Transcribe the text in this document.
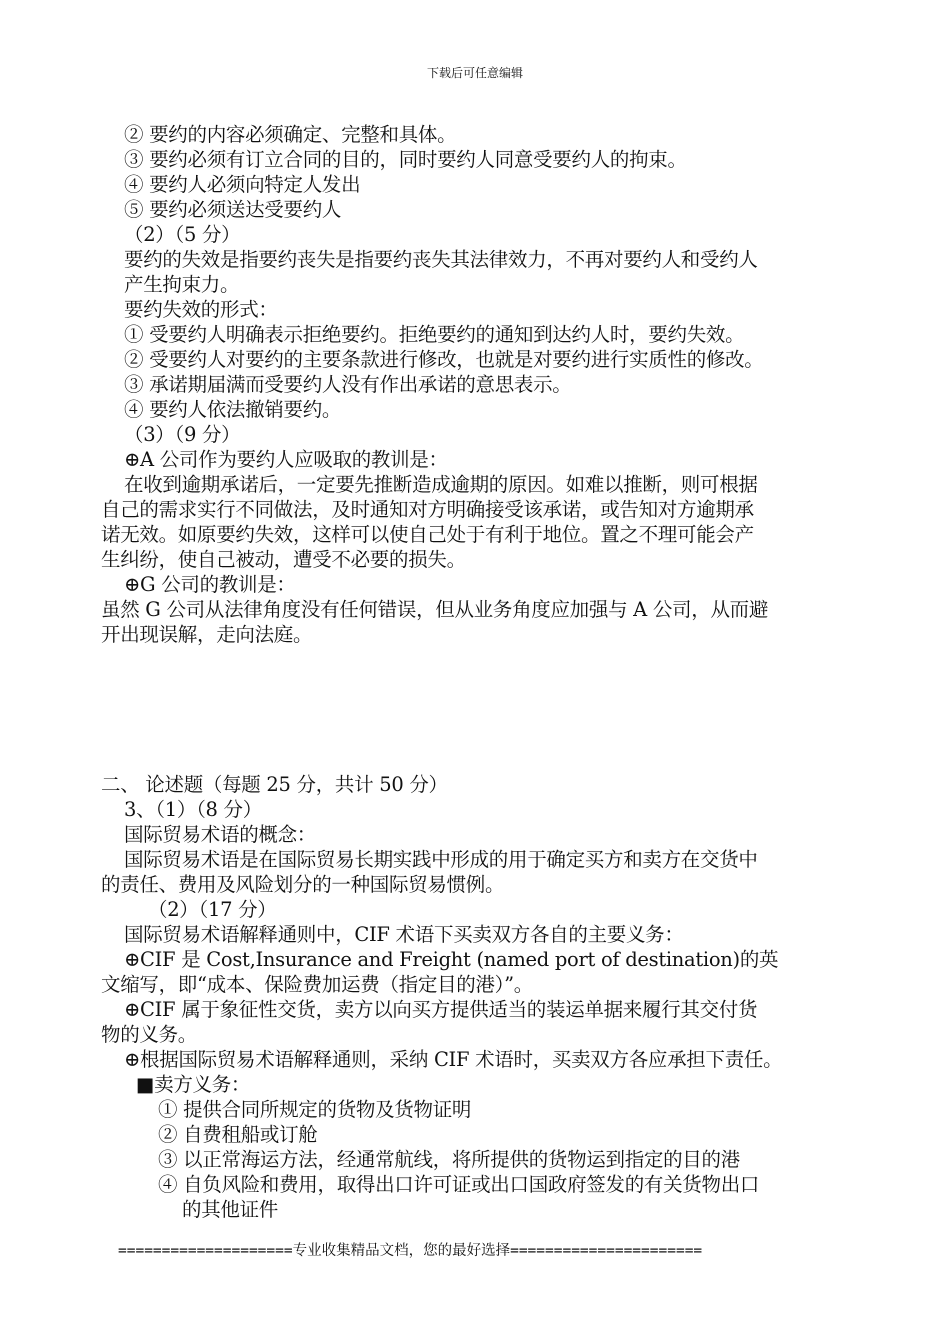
下载后可任意编辑
② 要约的内容必须确定、完整和具体。
③ 要约必须有订立合同的目的，同时要约人同意受要约人的拘束。
④ 要约人必须向特定人发出
⑤ 要约必须送达受要约人
（2）（5 分）
要约的失效是指要约丧失是指要约丧失其法律效力，不再对要约人和受约人
产生拘束力。
要约失效的形式：
① 受要约人明确表示拒绝要约。拒绝要约的通知到达约人时，要约失效。
② 受要约人对要约的主要条款进行修改，也就是对要约进行实质性的修改。
③ 承诺期届满而受要约人没有作出承诺的意思表示。
④ 要约人依法撤销要约。
（3）（9 分）
⊕A 公司作为要约人应吸取的教训是：
在收到逾期承诺后，一定要先推断造成逾期的原因。如难以推断，则可根据
自己的需求实行不同做法，及时通知对方明确接受该承诺，或告知对方逾期承
诺无效。如原要约失效，这样可以使自己处于有利于地位。置之不理可能会产
生纠纷，使自己被动，遭受不必要的损失。
⊕G 公司的教训是：
虽然 G 公司从法律角度没有任何错误，但从业务角度应加强与 A 公司，从而避
开出现误解，走向法庭。
二、 论述题（每题 25 分，共计 50 分）
3、（1）（8 分）
国际贸易术语的概念：
国际贸易术语是在国际贸易长期实践中形成的用于确定买方和卖方在交货中
的责任、费用及风险划分的一种国际贸易惯例。
（2）（17 分）
国际贸易术语解释通则中，CIF 术语下买卖双方各自的主要义务：
⊕CIF 是 Cost,Insurance and Freight (named port of destination)的英
文缩写，即“成本、保险费加运费（指定目的港）”。
⊕CIF 属于象征性交货，卖方以向买方提供适当的装运单据来履行其交付货
物的义务。
⊕根据国际贸易术语解释通则，采纳 CIF 术语时，买卖双方各应承担下责任。
■卖方义务：
① 提供合同所规定的货物及货物证明
② 自费租船或订舱
③ 以正常海运方法，经通常航线，将所提供的货物运到指定的目的港
④ 自负风险和费用，取得出口许可证或出口国政府签发的有关货物出口
的其他证件
====================专业收集精品文档，您的最好选择======================
